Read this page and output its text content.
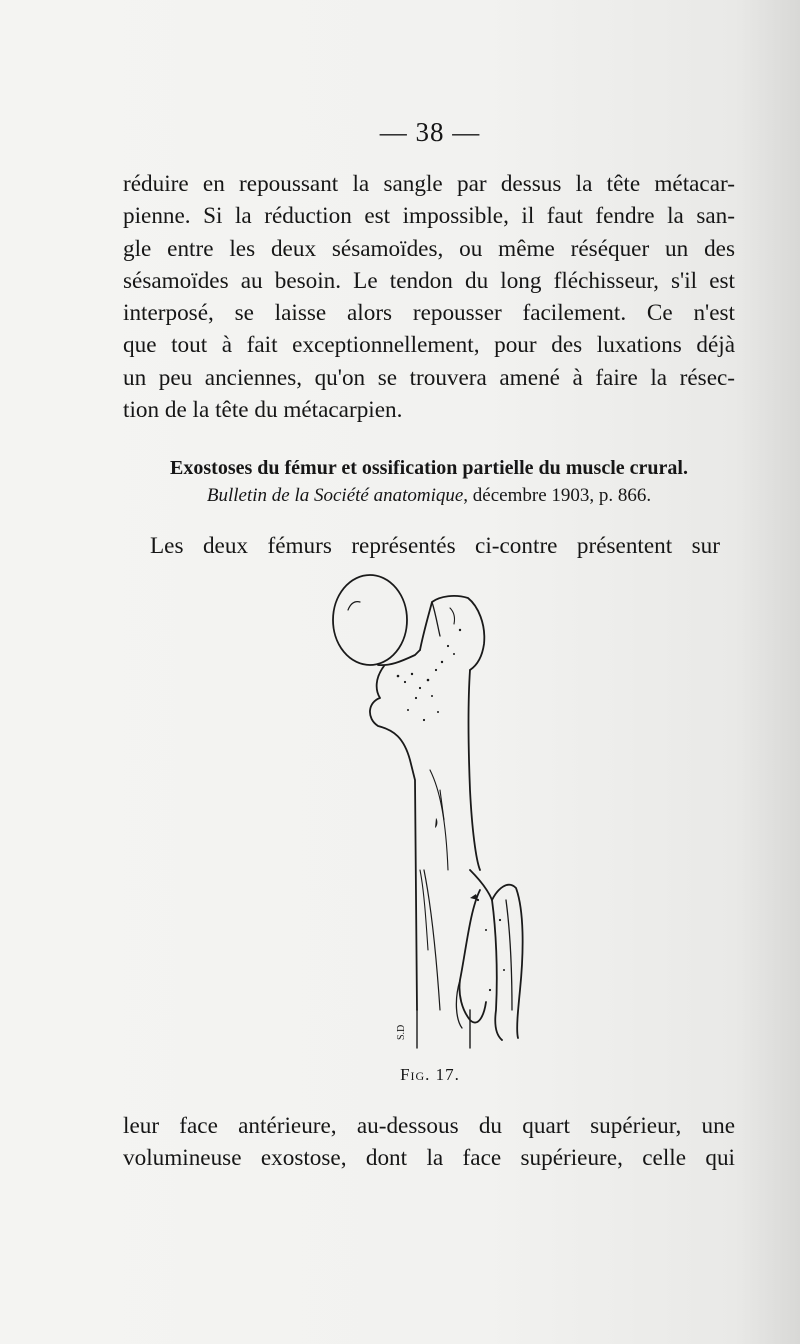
— 38 —

réduire en repoussant la sangle par dessus la tête métacar-
pienne. Si la réduction est impossible, il faut fendre la san-
gle entre les deux sésamoïdes, ou même réséquer un des
sésamoïdes au besoin. Le tendon du long fléchisseur, s'il est
interposé, se laisse alors repousser facilement. Ce n'est
que tout à fait exceptionnellement, pour des luxations déjà
un peu anciennes, qu'on se trouvera amené à faire la résec-
tion de la tête du métacarpien.

Exostoses du fémur et ossification partielle du muscle crural.
Bulletin de la Société anatomique, décembre 1903, p. 866.

Les deux fémurs représentés ci-contre présentent sur

S.D
Fig. 17.

leur face antérieure, au-dessous du quart supérieur, une
volumineuse exostose, dont la face supérieure, celle qui
